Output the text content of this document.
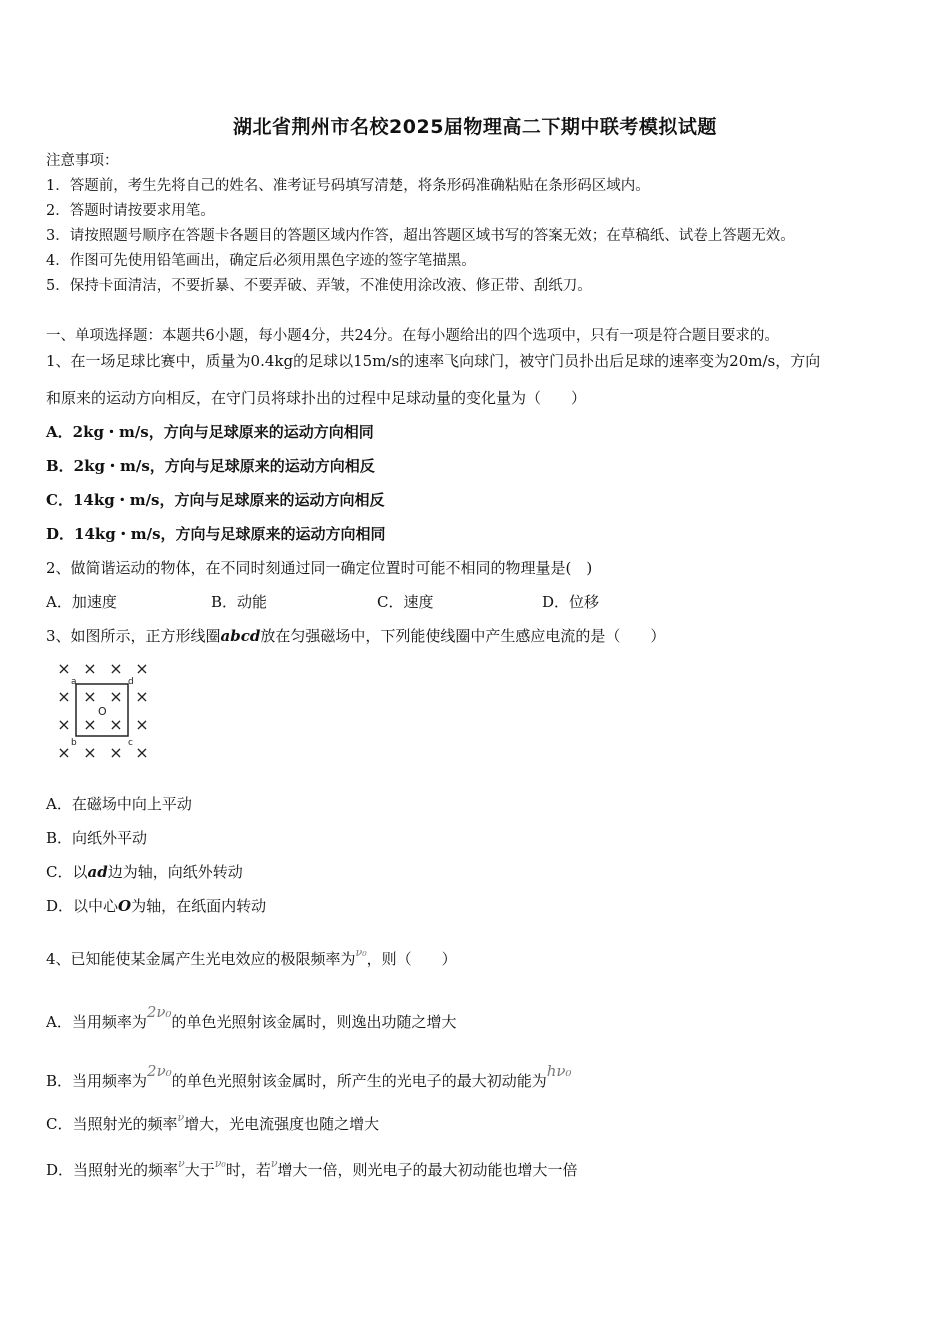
湖北省荆州市名校2025届物理高二下期中联考模拟试题
注意事项：
1．答题前，考生先将自己的姓名、准考证号码填写清楚，将条形码准确粘贴在条形码区域内。
2．答题时请按要求用笔。
3．请按照题号顺序在答题卡各题目的答题区域内作答，超出答题区域书写的答案无效；在草稿纸、试卷上答题无效。
4．作图可先使用铅笔画出，确定后必须用黑色字迹的签字笔描黑。
5．保持卡面清洁，不要折暴、不要弄破、弄皱，不准使用涂改液、修正带、刮纸刀。
一、单项选择题：本题共6小题，每小题4分，共24分。在每小题给出的四个选项中，只有一项是符合题目要求的。
1、在一场足球比赛中，质量为0.4kg的足球以15m/s的速率飞向球门，被守门员扑出后足球的速率变为20m/s，方向
和原来的运动方向相反，在守门员将球扑出的过程中足球动量的变化量为（　　）
A．2kg・m/s，方向与足球原来的运动方向相同
B．2kg・m/s，方向与足球原来的运动方向相反
C．14kg・m/s，方向与足球原来的运动方向相反
D．14kg・m/s，方向与足球原来的运动方向相同
2、做简谐运动的物体，在不同时刻通过同一确定位置时可能不相同的物理量是(　)
A．加速度	B．动能	C．速度	D．位移
3、如图所示，正方形线圈abcd放在匀强磁场中，下列能使线圈中产生感应电流的是（　　）
× × × ×
× × × ×
× × × ×
× × × ×
a
b	c
d
O
A．在磁场中向上平动
B．向纸外平动
C．以ad边为轴，向纸外转动
D．以中心O为轴，在纸面内转动
4、已知能使某金属产生光电效应的极限频率为$^{\nu_0}$，则（　　）
A．当用频率为2ν₀的单色光照射该金属时，则逸出功随之增大
B．当用频率为2ν₀的单色光照射该金属时，所产生的光电子的最大初动能为hν₀
C．当照射光的频率$^\nu$增大，光电流强度也随之增大
D．当照射光的频率$^\nu$大于$^{\nu_0}$时，若$^\nu$增大一倍，则光电子的最大初动能也增大一倍
